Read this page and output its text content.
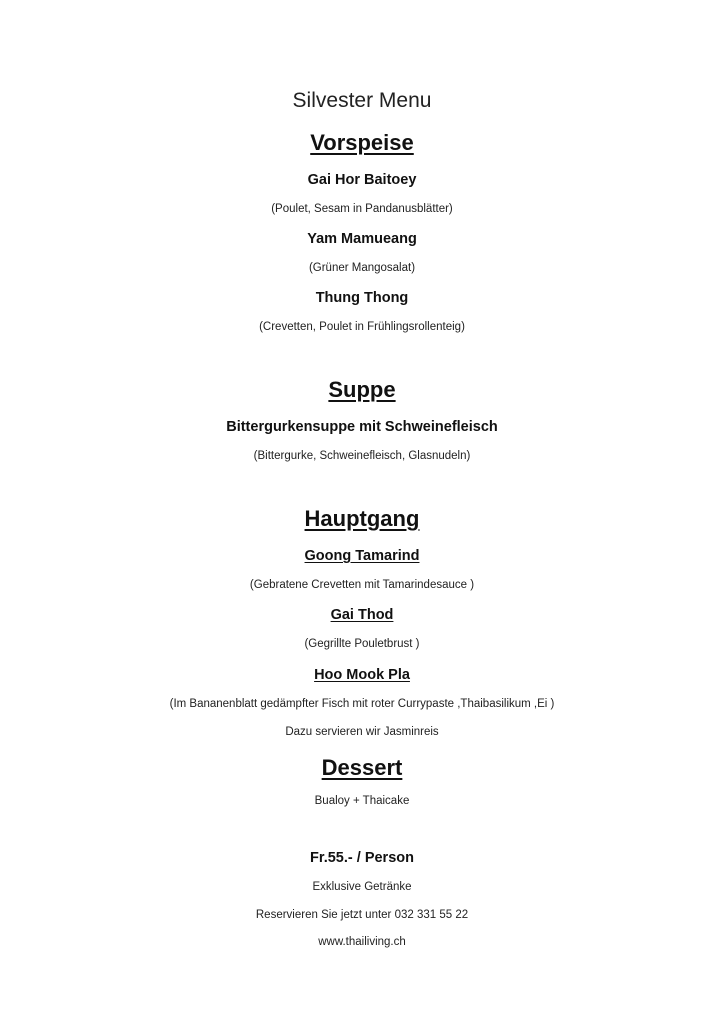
Silvester Menu
Vorspeise
Gai Hor Baitoey
(Poulet, Sesam in Pandanusblätter)
Yam Mamueang
(Grüner Mangosalat)
Thung Thong
(Crevetten, Poulet in Frühlingsrollenteig)
Suppe
Bittergurkensuppe mit Schweinefleisch
(Bittergurke, Schweinefleisch, Glasnudeln)
Hauptgang
Goong Tamarind
(Gebratene Crevetten mit Tamarindesauce )
Gai Thod
(Gegrillte Pouletbrust )
Hoo Mook Pla
(Im Bananenblatt gedämpfter Fisch mit roter Currypaste ,Thaibasilikum ,Ei )
Dazu servieren wir Jasminreis
Dessert
Bualoy + Thaicake
Fr.55.- / Person
Exklusive Getränke
Reservieren Sie jetzt unter 032 331 55 22
www.thailiving.ch
